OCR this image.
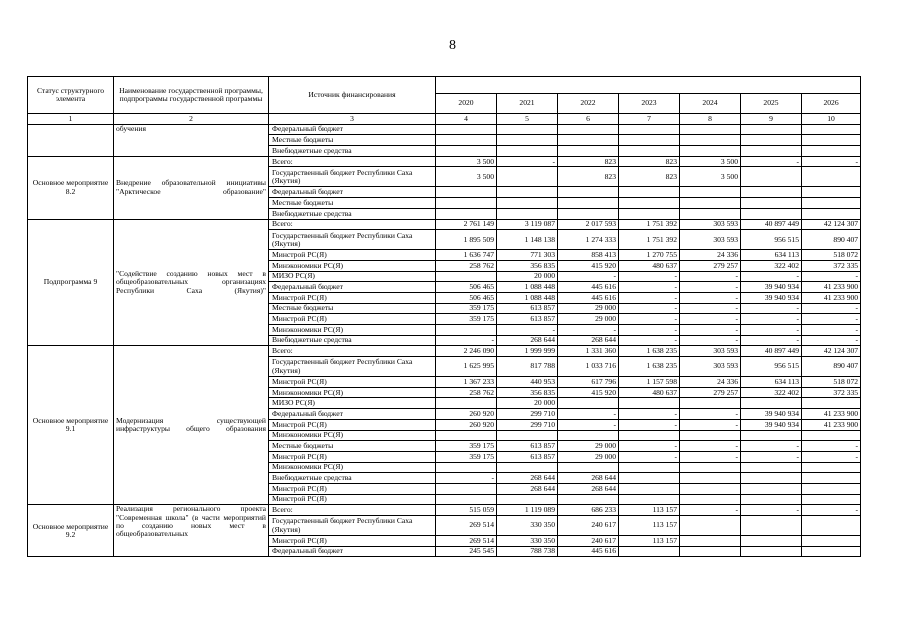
8
Статус структурного элемента	Наименование государственной программы, подпрограммы государственной программы	Источник финансирования							
			2020	2021	2022	2023	2024	2025	2026
1	2	3	4	5	6	7	8	9	10
	обучения	Федеральный бюджет							
		Местные бюджеты							
		Внебюджетные средства							
Основное мероприятие 8.2	Внедрение образовательной инициативы "Арктическое образование"	Всего:	3 500	-	823	823	3 500	-	-
		Государственный бюджет Республики Саха (Якутия)	3 500		823	823	3 500		
		Федеральный бюджет							
		Местные бюджеты							
		Внебюджетные средства							
Подпрограмма 9	"Содействие созданию новых мест в общеобразовательных организациях Республики Саха (Якутия)"	Всего:	2 761 149	3 119 087	2 017 593	1 751 392	303 593	40 897 449	42 124 307
		Государственный бюджет Республики Саха (Якутия)	1 895 509	1 148 138	1 274 333	1 751 392	303 593	956 515	890 407
		Минстрой РС(Я)	1 636 747	771 303	858 413	1 270 755	24 336	634 113	518 072
		Минэкономики РС(Я)	258 762	356 835	415 920	480 637	279 257	322 402	372 335
		МИЗО РС(Я)		20 000	-	-	-	-	-
		Федеральный бюджет	506 465	1 088 448	445 616	-	-	39 940 934	41 233 900
		Минстрой РС(Я)	506 465	1 088 448	445 616	-	-	39 940 934	41 233 900
		Местные бюджеты	359 175	613 857	29 000	-	-	-	-
		Минстрой РС(Я)	359 175	613 857	29 000	-	-	-	-
		Минэкономики РС(Я)		-	-	-	-	-	-
		Внебюджетные средства	-	268 644	268 644	-	-	-	-
Основное мероприятие 9.1	Модернизация существующей инфраструктуры общего образования	Всего:	2 246 090	1 999 999	1 331 360	1 638 235	303 593	40 897 449	42 124 307
		Государственный бюджет Республики Саха (Якутия)	1 625 995	817 788	1 033 716	1 638 235	303 593	956 515	890 407
		Минстрой РС(Я)	1 367 233	440 953	617 796	1 157 598	24 336	634 113	518 072
		Минэкономики РС(Я)	258 762	356 835	415 920	480 637	279 257	322 402	372 335
		МИЗО РС(Я)		20 000					
		Федеральный бюджет	260 920	299 710	-	-	-	39 940 934	41 233 900
		Минстрой РС(Я)	260 920	299 710	-	-	-	39 940 934	41 233 900
		Минэкономики РС(Я)							
		Местные бюджеты	359 175	613 857	29 000	-	-	-	-
		Минстрой РС(Я)	359 175	613 857	29 000	-	-	-	-
		Минэкономики РС(Я)							
		Внебюджетные средства	-	268 644	268 644				
		Минстрой РС(Я)		268 644	268 644				
		Минстрой РС(Я)							
Основное мероприятие 9.2	Реализация регионального проекта "Современная школа" (в части мероприятий по созданию новых мест в общеобразовательных	Всего:	515 059	1 119 089	686 233	113 157	-	-	-
		Государственный бюджет Республики Саха (Якутия)	269 514	330 350	240 617	113 157			
		Минстрой РС(Я)	269 514	330 350	240 617	113 157			
		Федеральный бюджет	245 545	788 738	445 616				
